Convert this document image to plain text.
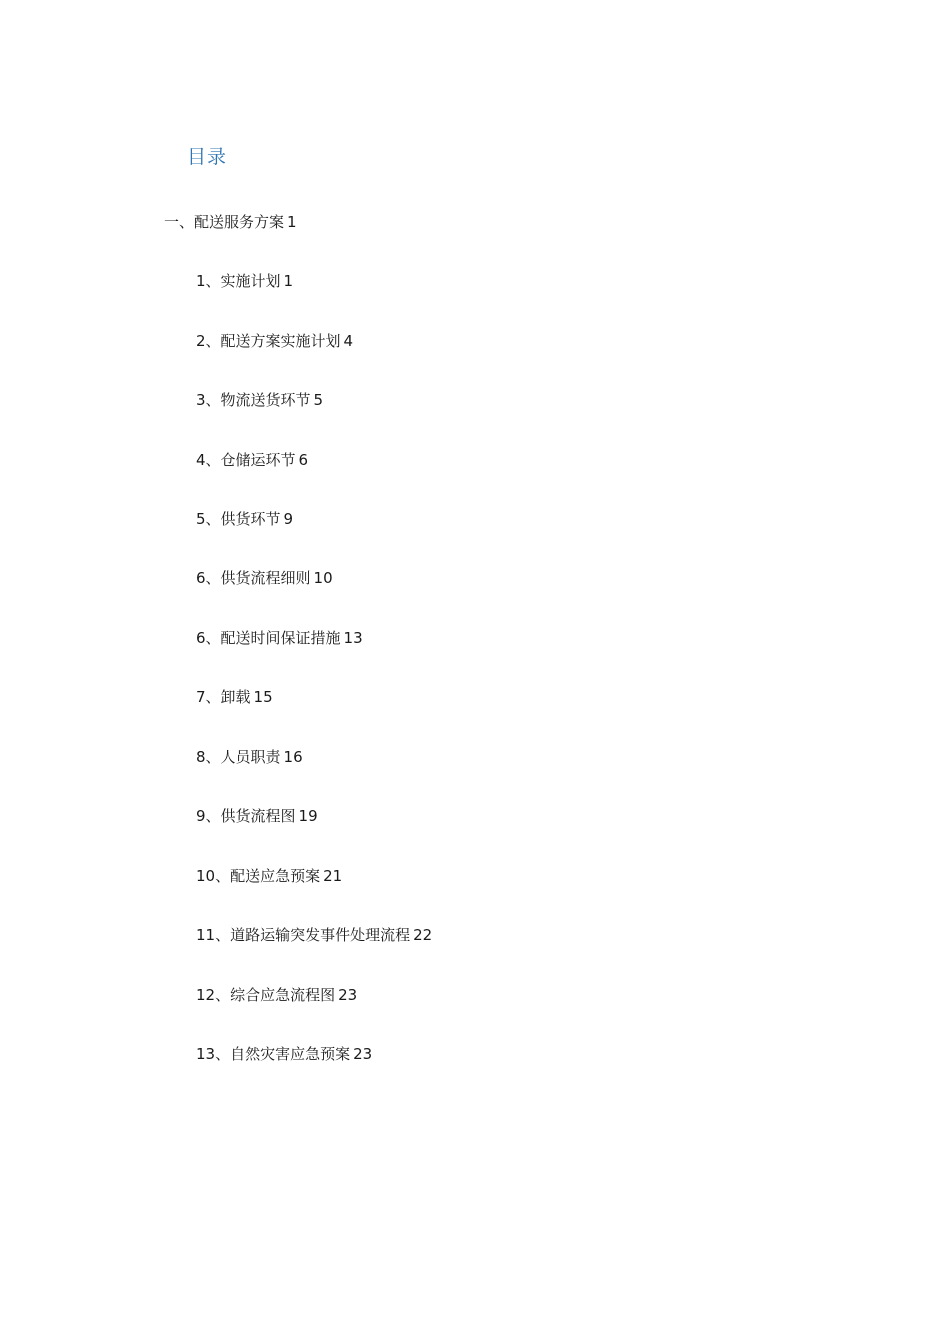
目录
一、配送服务方案 1
1、实施计划 1
2、配送方案实施计划 4
3、物流送货环节 5
4、仓储运环节 6
5、供货环节 9
6、供货流程细则 10
6、配送时间保证措施 13
7、卸载 15
8、人员职责 16
9、供货流程图 19
10、配送应急预案 21
11、道路运输突发事件处理流程 22
12、综合应急流程图 23
13、自然灾害应急预案 23
